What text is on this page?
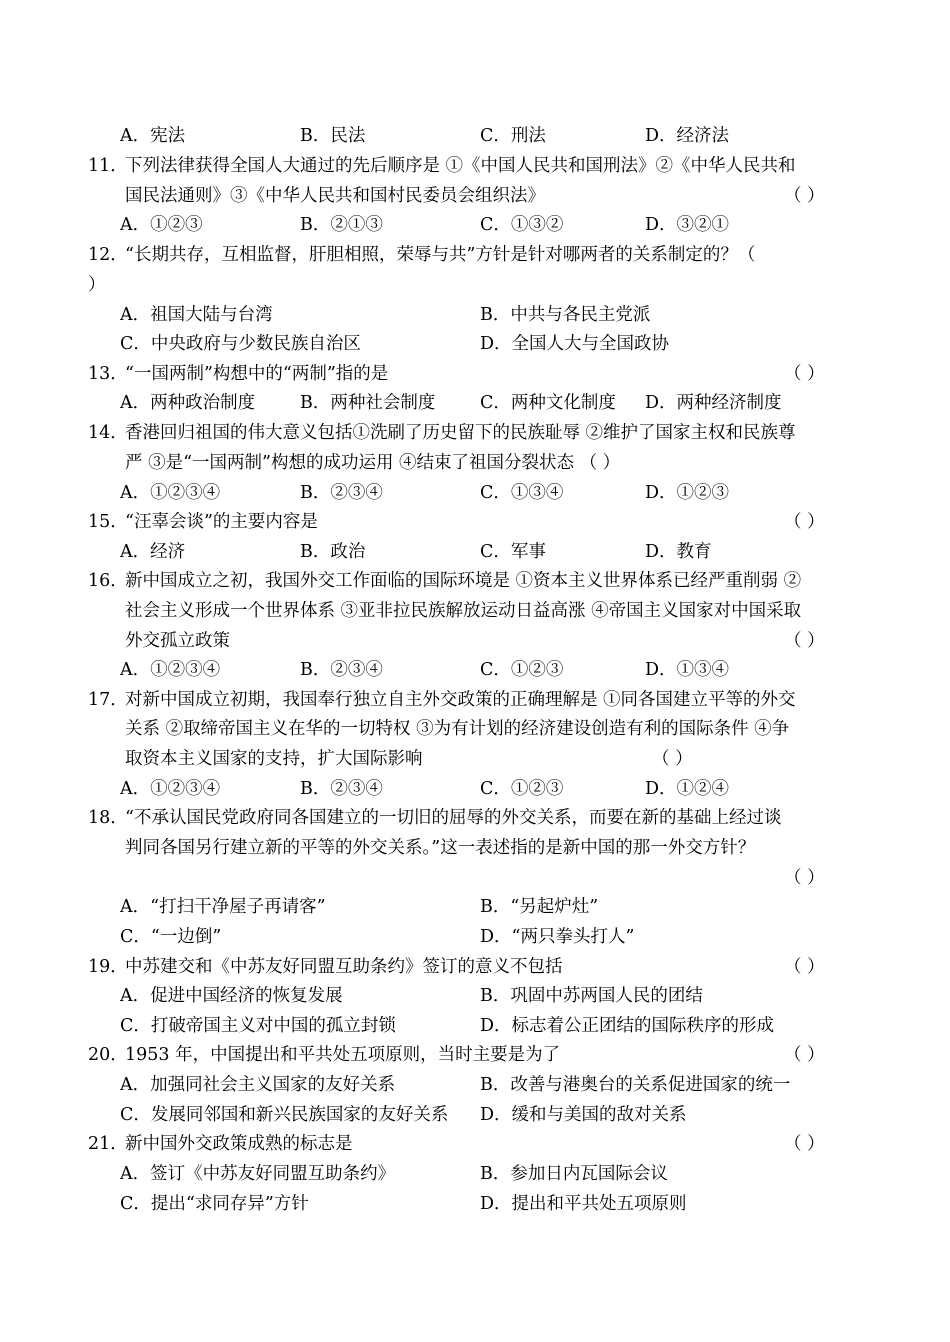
A．宪法	B．民法	C．刑法	D．经济法
11．
下列法律获得全国人大通过的先后顺序是 ①《中国人民共和国刑法》②《中华人民共和
国民法通则》③《中华人民共和国村民委员会组织法》	（ ）
A．①②③	B．②①③	C．①③②	D．③②①
12．
“长期共存，互相监督，肝胆相照，荣辱与共”方针是针对哪两者的关系制定的？（
）
A．祖国大陆与台湾	B．中共与各民主党派
C．中央政府与少数民族自治区	D．全国人大与全国政协
13．
“一国两制”构想中的“两制”指的是	（ ）
A．两种政治制度	B．两种社会制度	C．两种文化制度 D．两种经济制度
14．
香港回归祖国的伟大意义包括①洗刷了历史留下的民族耻辱 ②维护了国家主权和民族尊
严 ③是“一国两制”构想的成功运用 ④结束了祖国分裂状态 （ ）
A．①②③④	B．②③④	C．①③④	D．①②③
15．
“汪辜会谈”的主要内容是	（ ）
A．经济	B．政治	C．军事	D．教育
16．
新中国成立之初，我国外交工作面临的国际环境是 ①资本主义世界体系已经严重削弱 ②
社会主义形成一个世界体系 ③亚非拉民族解放运动日益高涨 ④帝国主义国家对中国采取
外交孤立政策	（ ）
A．①②③④	B．②③④	C．①②③	D．①③④
17．
对新中国成立初期，我国奉行独立自主外交政策的正确理解是 ①同各国建立平等的外交
关系 ②取缔帝国主义在华的一切特权 ③为有计划的经济建设创造有利的国际条件 ④争
取资本主义国家的支持，扩大国际影响	（ ）
A．①②③④	B．②③④	C．①②③	D．①②④
18．
“不承认国民党政府同各国建立的一切旧的屈辱的外交关系，而要在新的基础上经过谈
判同各国另行建立新的平等的外交关系。”这一表述指的是新中国的那一外交方针？
（ ）
A．“打扫干净屋子再请客”	B．“另起炉灶”
C．“一边倒”	D．“两只拳头打人”
19．
中苏建交和《中苏友好同盟互助条约》签订的意义不包括	（ ）
A．促进中国经济的恢复发展	B．巩固中苏两国人民的团结
C．打破帝国主义对中国的孤立封锁	D．标志着公正团结的国际秩序的形成
20．
1953 年，中国提出和平共处五项原则，当时主要是为了	（ ）
A．加强同社会主义国家的友好关系	B．改善与港奥台的关系促进国家的统一
C．发展同邻国和新兴民族国家的友好关系 D．缓和与美国的敌对关系
21．
新中国外交政策成熟的标志是	（ ）
A．签订《中苏友好同盟互助条约》	B．参加日内瓦国际会议
C．提出“求同存异”方针	D．提出和平共处五项原则
